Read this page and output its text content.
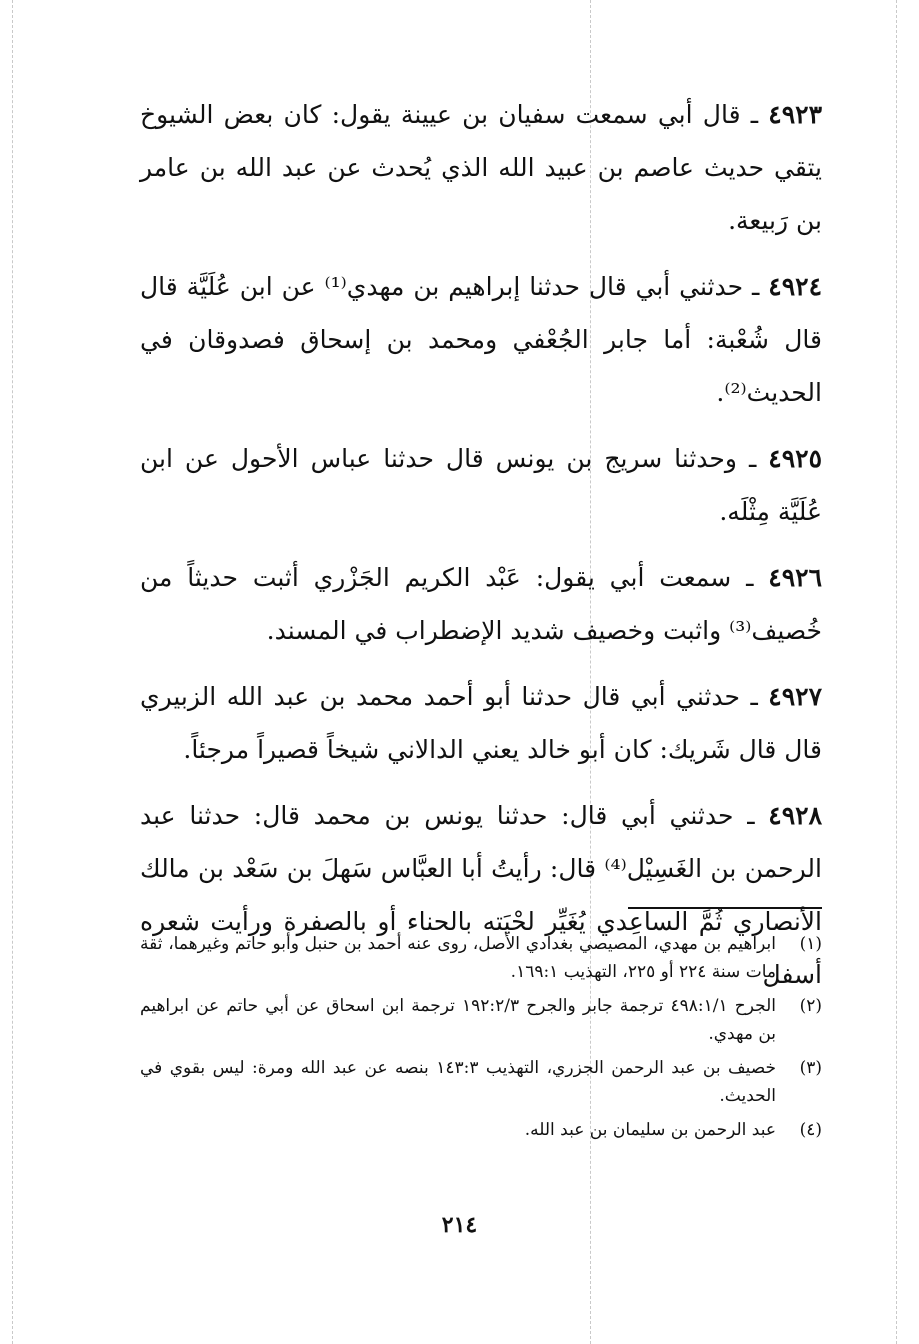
٤٩٢٣ ـ قال أبي سمعت سفيان بن عيينة يقول: كان بعض الشيوخ يتقي حديث عاصم بن عبيد الله الذي يُحدث عن عبد الله بن عامر بن رَبيعة.

٤٩٢٤ ـ حدثني أبي قال حدثنا إبراهيم بن مهدي⁽¹⁾ عن ابن عُلَيَّة قال قال شُعْبة: أما جابر الجُعْفي ومحمد بن إسحاق فصدوقان في الحديث⁽²⁾.

٤٩٢٥ ـ وحدثنا سريج بن يونس قال حدثنا عباس الأحول عن ابن عُلَيَّة مِثْلَه.

٤٩٢٦ ـ سمعت أبي يقول: عَبْد الكريم الجَزْري أثبت حديثاً من خُصيف⁽³⁾ واثبت وخصيف شديد الإضطراب في المسند.

٤٩٢٧ ـ حدثني أبي قال حدثنا أبو أحمد محمد بن عبد الله الزبيري قال قال شَريك: كان أبو خالد يعني الدالاني شيخاً قصيراً مرجئاً.

٤٩٢٨ ـ حدثني أبي قال: حدثنا يونس بن محمد قال: حدثنا عبد الرحمن بن الغَسِيْل⁽⁴⁾ قال: رأيتُ أبا العبَّاس سَهلَ بن سَعْد بن مالك الأنصاري ثُمَّ الساعِدي يُغَيِّر لحْيَته بالحناء أو بالصفرة ورأيت شعره أسفل

(١)
ابراهيم بن مهدي، المصيصي بغدادي الأصل، روى عنه أحمد بن حنبل وأبو حاتم وغيرهما، ثقة مات سنة ٢٢٤ أو ٢٢٥، التهذيب ١٦٩:١.
(٢)
الجرح ٤٩٨:١/١ ترجمة جابر والجرح ١٩٢:٢/٣ ترجمة ابن اسحاق عن أبي حاتم عن ابراهيم بن مهدي.
(٣)
خصيف بن عبد الرحمن الجزري، التهذيب ١٤٣:٣ بنصه عن عبد الله ومرة: ليس بقوي في الحديث.
(٤)
عبد الرحمن بن سليمان بن عبد الله.
٢١٤
